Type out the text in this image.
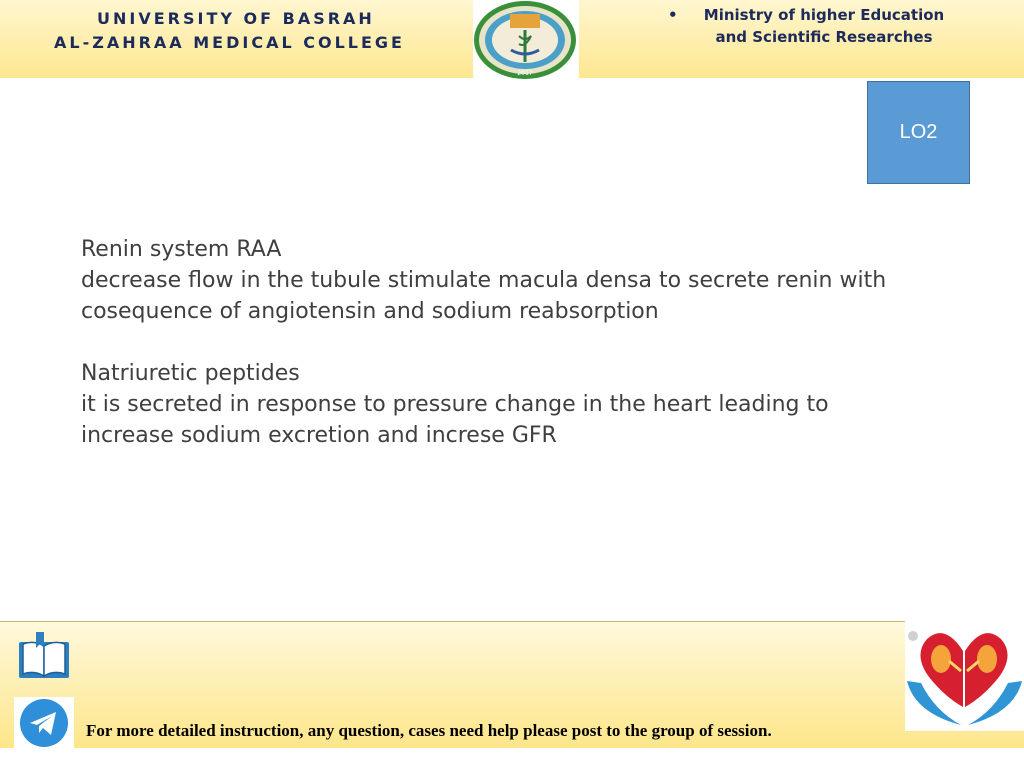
UNIVERSITY OF BASRAH
AL-ZAHRAA MEDICAL COLLEGE
2017
•	Ministry of higher Education
and Scientific Researches
LO2

Renin system RAA

decrease flow in the tubule stimulate macula densa to secrete renin with

cosequence of angiotensin and sodium reabsorption

Natriuretic peptides

it is secreted in response to pressure change in the heart leading to

increase sodium excretion and increse GFR

For more detailed instruction, any question, cases need help please post to the group of session.
